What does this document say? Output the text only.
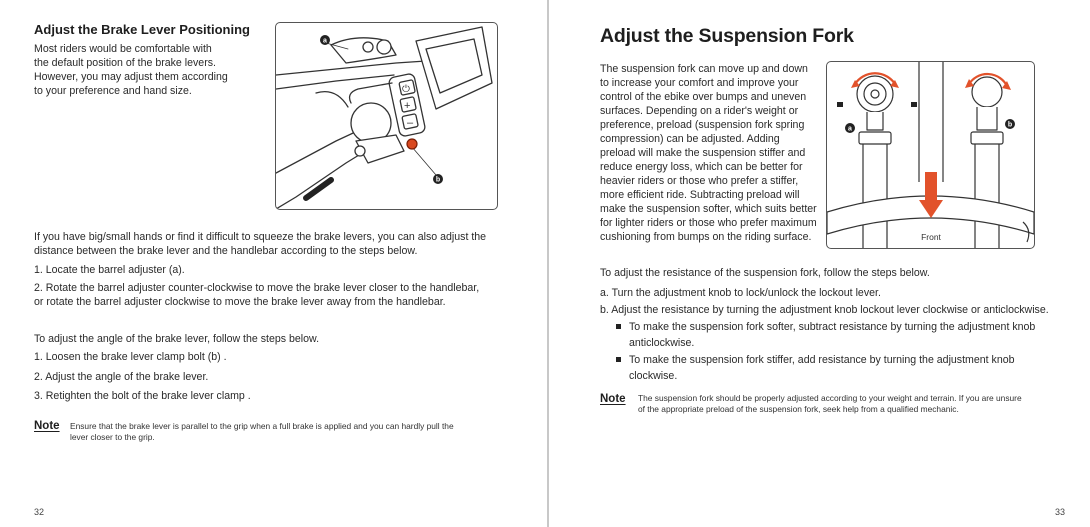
Adjust the Brake Lever Positioning
Most riders would be comfortable with
the default position of the brake levers.
However, you may adjust them according
to your preference and hand size.	⏻
+
–
a
b
If you have big/small hands or find it difficult to squeeze the brake levers, you can also adjust the
distance between the brake lever and the handlebar according to the steps below.
1. Locate the barrel adjuster (a).
2. Rotate the barrel adjuster counter-clockwise to move the brake lever closer to the handlebar,
or rotate the barrel adjuster clockwise to move the brake lever away from the handlebar.
To adjust the angle of the brake lever, follow the steps below.
1. Loosen the brake lever clamp bolt (b) .
2. Adjust the angle of the brake lever.
3. Retighten the bolt of the brake lever clamp .
Note Ensure that the brake lever is parallel to the grip when a full brake is applied and you can hardly pull the
lever closer to the grip.
32
Adjust the Suspension Fork
The suspension fork can move up and down
to increase your comfort and improve your
control of the ebike over bumps and uneven
surfaces. Depending on a rider's weight or
preference, preload (suspension fork spring
compression) can be adjusted. Adding
preload will make the suspension stiffer and
reduce energy loss, which can be better for
heavier riders or those who prefer a stiffer,
more efficient ride. Subtracting preload will
make the suspension softer, which suits better
for lighter riders or those who prefer maximum
cushioning from bumps on the riding surface.	Front
a
b
To adjust the resistance of the suspension fork, follow the steps below.
a. Turn the adjustment knob to lock/unlock the lockout lever.
b. Adjust the resistance by turning the adjustment knob lockout lever clockwise or anticlockwise.
To make the suspension fork softer, subtract resistance by turning the adjustment knob
anticlockwise.
To make the suspension fork stiffer, add resistance by turning the adjustment knob
clockwise.
Note The suspension fork should be properly adjusted according to your weight and terrain. If you are unsure
of the appropriate preload of the suspension fork, seek help from a qualified mechanic.
33
